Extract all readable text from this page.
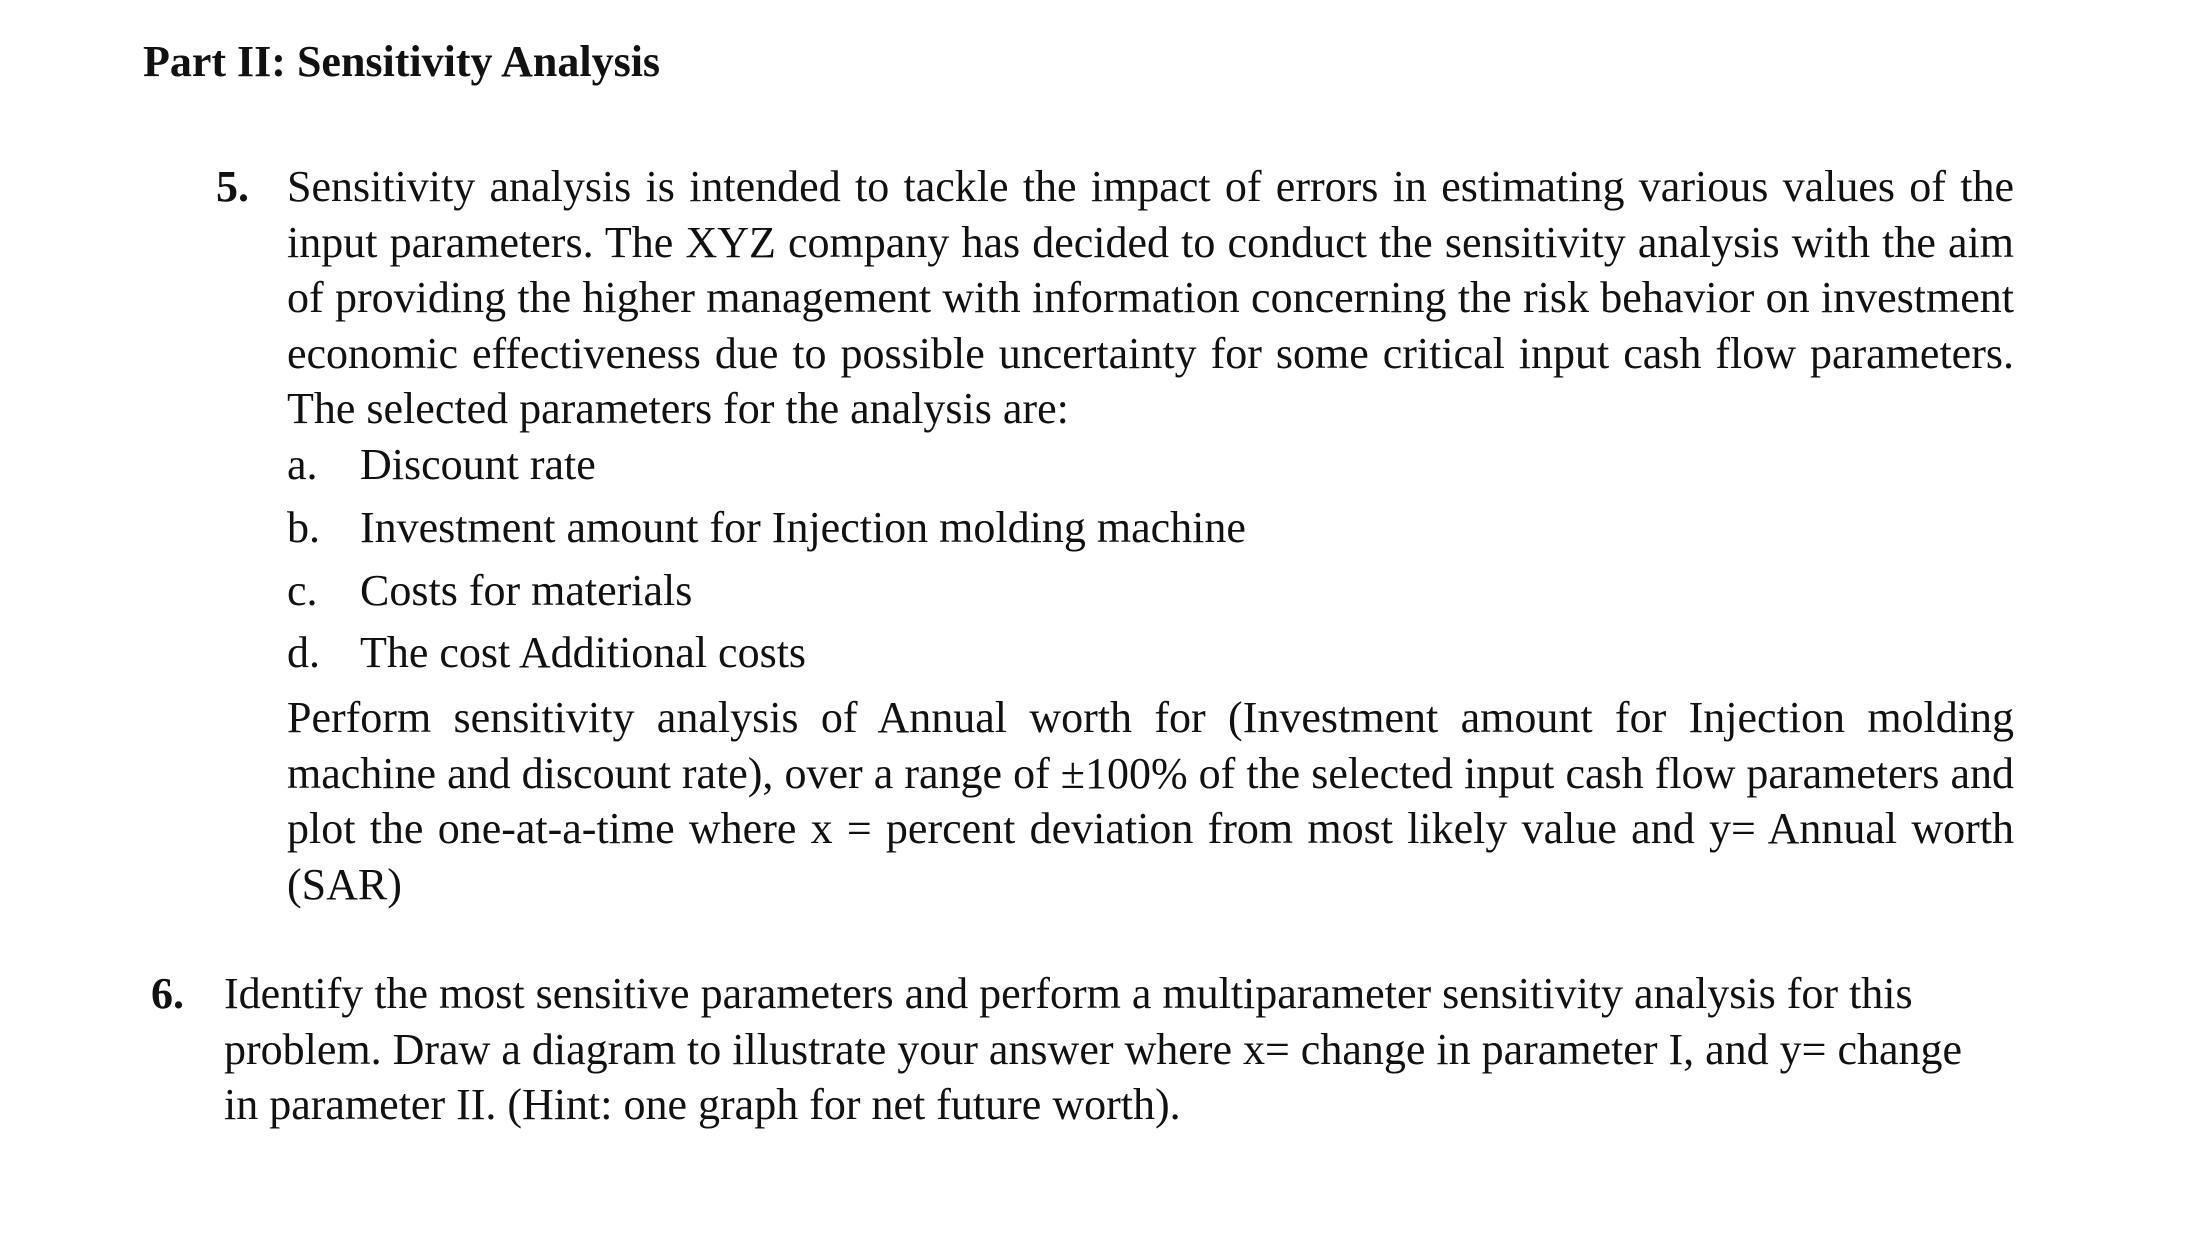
Part II: Sensitivity Analysis
5. Sensitivity analysis is intended to tackle the impact of errors in estimating various values of the input parameters. The XYZ company has decided to conduct the sensitivity analysis with the aim of providing the higher management with information concerning the risk behavior on investment economic effectiveness due to possible uncertainty for some critical input cash flow parameters. The selected parameters for the analysis are:

a. Discount rate
b. Investment amount for Injection molding machine
c. Costs for materials
d. The cost Additional costs

Perform sensitivity analysis of Annual worth for (Investment amount for Injection molding machine and discount rate), over a range of ±100% of the selected input cash flow parameters and plot the one-at-a-time where x = percent deviation from most likely value and y= Annual worth (SAR)

6. Identify the most sensitive parameters and perform a multiparameter sensitivity analysis for this problem. Draw a diagram to illustrate your answer where x= change in parameter I, and y= change in parameter II. (Hint: one graph for net future worth).
